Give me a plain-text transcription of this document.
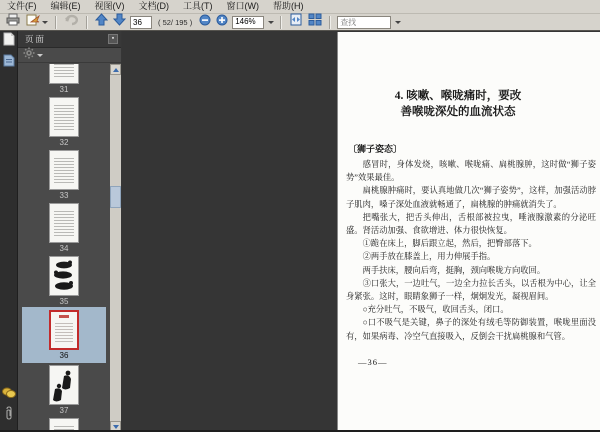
文件(F)	编辑(E)	视图(V)	文档(D)	工具(T)	窗口(W)	帮助(H)
36
( 52/ 195 )	146%
查找
页面	▪
31
32
33
34
35
36
37
4. 咳嗽、喉咙痛时，要改
善喉咙深处的血流状态
〔狮子姿态〕

感冒时，身体发烧，咳嗽、喉咙痛、扁桃腺肿，这时做“狮子姿势”效果最佳。

扁桃腺肿痛时，要认真地做几次“狮子姿势”，这样，加强活动脖子肌肉，嗓子深处血液就畅通了，扁桃腺的肿痛就消失了。

把嘴张大，把舌头伸出，舌根部被拉曳，唾液腺激素的分泌旺盛。肾活动加强、食欲增进、体力很快恢复。

①跪在床上，脚后跟立起，然后，把臀部落下。

②两手放在膝盖上，用力伸展手指。

两手扶床，腰向后弯，挺胸，颈向喉咙方向收回。

③口张大，一边吐气，一边全力拉长舌头，以舌根为中心，让全身紧张。这时，眼睛象狮子一样，炯炯发光，凝视眉间。

○充分吐气，不吸气，收回舌头，闭口。

○口不吸气是关键，鼻子的深处有绒毛等防御装置，喉咙里面没有，如果病毒、冷空气直接吸入，反倒会干扰扁桃腺和气管。

—36—
